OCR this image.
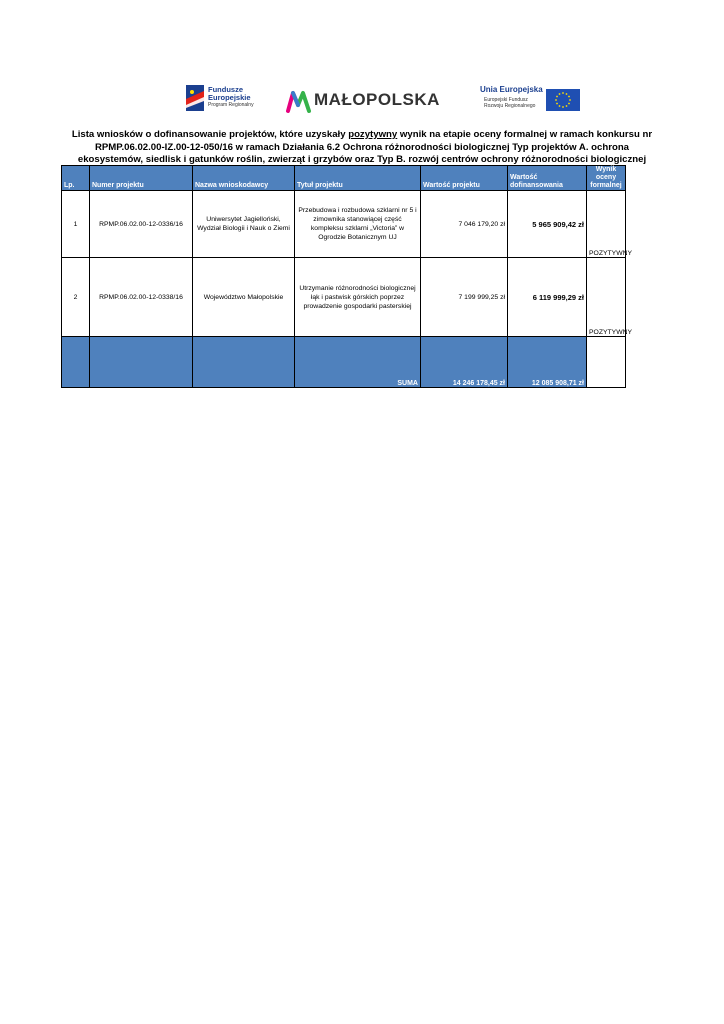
Fundusze
Europejskie
Program Regionalny	MAŁOPOLSKA
Unia Europejska
Europejski Fundusz
Rozwoju Regionalnego
Lista wniosków o dofinansowanie projektów, które uzyskały pozytywny wynik na etapie oceny formalnej w ramach konkursu nr RPMP.06.02.00-IZ.00-12-050/16 w ramach Działania 6.2 Ochrona różnorodności biologicznej Typ projektów A. ochrona ekosystemów, siedlisk i gatunków roślin, zwierząt i grzybów oraz Typ B. rozwój centrów ochrony różnorodności biologicznej
Lp.	Numer projektu	Nazwa wnioskodawcy	Tytuł projektu	Wartość projektu	Wartość dofinansowania	Wynik oceny formalnej
1	RPMP.06.02.00-12-0336/16	Uniwersytet Jagielloński, Wydział Biologii i Nauk o Ziemi	Przebudowa i rozbudowa szklarni nr 5 i zimownika stanowiącej część kompleksu szklarni „Victoria” w Ogrodzie Botanicznym UJ	7 046 179,20 zł	5 965 909,42 zł	POZYTYWNY
2	RPMP.06.02.00-12-0338/16	Województwo Małopolskie	Utrzymanie różnorodności biologicznej łąk i pastwisk górskich poprzez prowadzenie gospodarki pasterskiej	7 199 999,25 zł	6 119 999,29 zł	POZYTYWNY
			SUMA	14 246 178,45 zł	12 085 908,71 zł	
